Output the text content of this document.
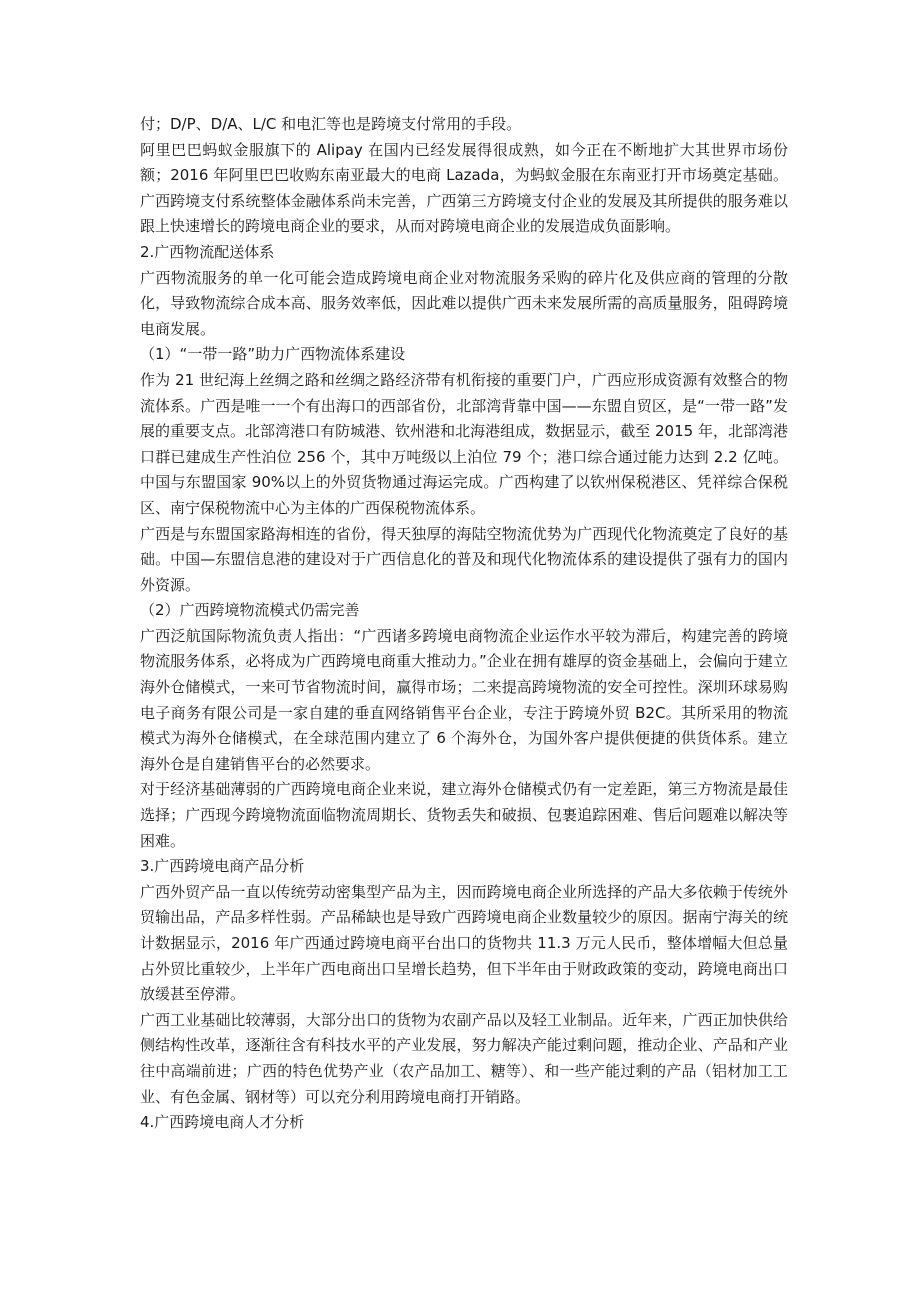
付；D/P、D/A、L/C 和电汇等也是跨境支付常用的手段。

阿里巴巴蚂蚁金服旗下的 Alipay 在国内已经发展得很成熟，如今正在不断地扩大其世界市场份额；2016 年阿里巴巴收购东南亚最大的电商 Lazada，为蚂蚁金服在东南亚打开市场奠定基础。广西跨境支付系统整体金融体系尚未完善，广西第三方跨境支付企业的发展及其所提供的服务难以跟上快速增长的跨境电商企业的要求，从而对跨境电商企业的发展造成负面影响。

2.广西物流配送体系

广西物流服务的单一化可能会造成跨境电商企业对物流服务采购的碎片化及供应商的管理的分散化，导致物流综合成本高、服务效率低，因此难以提供广西未来发展所需的高质量服务，阻碍跨境电商发展。

（1）“一带一路”助力广西物流体系建设

作为 21 世纪海上丝绸之路和丝绸之路经济带有机衔接的重要门户，广西应形成资源有效整合的物流体系。广西是唯一一个有出海口的西部省份，北部湾背靠中国——东盟自贸区，是“一带一路”发展的重要支点。北部湾港口有防城港、钦州港和北海港组成，数据显示，截至 2015 年，北部湾港口群已建成生产性泊位 256 个，其中万吨级以上泊位 79 个；港口综合通过能力达到 2.2 亿吨。中国与东盟国家 90%以上的外贸货物通过海运完成。广西构建了以钦州保税港区、凭祥综合保税区、南宁保税物流中心为主体的广西保税物流体系。

广西是与东盟国家路海相连的省份，得天独厚的海陆空物流优势为广西现代化物流奠定了良好的基础。中国—东盟信息港的建设对于广西信息化的普及和现代化物流体系的建设提供了强有力的国内外资源。

（2）广西跨境物流模式仍需完善

广西泛航国际物流负责人指出：“广西诸多跨境电商物流企业运作水平较为滞后，构建完善的跨境物流服务体系，必将成为广西跨境电商重大推动力。”企业在拥有雄厚的资金基础上，会偏向于建立海外仓储模式，一来可节省物流时间，赢得市场；二来提高跨境物流的安全可控性。深圳环球易购电子商务有限公司是一家自建的垂直网络销售平台企业，专注于跨境外贸 B2C。其所采用的物流模式为海外仓储模式，在全球范围内建立了 6 个海外仓，为国外客户提供便捷的供货体系。建立海外仓是自建销售平台的必然要求。

对于经济基础薄弱的广西跨境电商企业来说，建立海外仓储模式仍有一定差距，第三方物流是最佳选择；广西现今跨境物流面临物流周期长、货物丢失和破损、包裹追踪困难、售后问题难以解决等困难。

3.广西跨境电商产品分析

广西外贸产品一直以传统劳动密集型产品为主，因而跨境电商企业所选择的产品大多依赖于传统外贸输出品，产品多样性弱。产品稀缺也是导致广西跨境电商企业数量较少的原因。据南宁海关的统计数据显示，2016 年广西通过跨境电商平台出口的货物共 11.3 万元人民币，整体增幅大但总量占外贸比重较少，上半年广西电商出口呈增长趋势，但下半年由于财政政策的变动，跨境电商出口放缓甚至停滞。

广西工业基础比较薄弱，大部分出口的货物为农副产品以及轻工业制品。近年来，广西正加快供给侧结构性改革，逐渐往含有科技水平的产业发展，努力解决产能过剩问题，推动企业、产品和产业往中高端前进；广西的特色优势产业（农产品加工、糖等）、和一些产能过剩的产品（铝材加工工业、有色金属、钢材等）可以充分利用跨境电商打开销路。

4.广西跨境电商人才分析
